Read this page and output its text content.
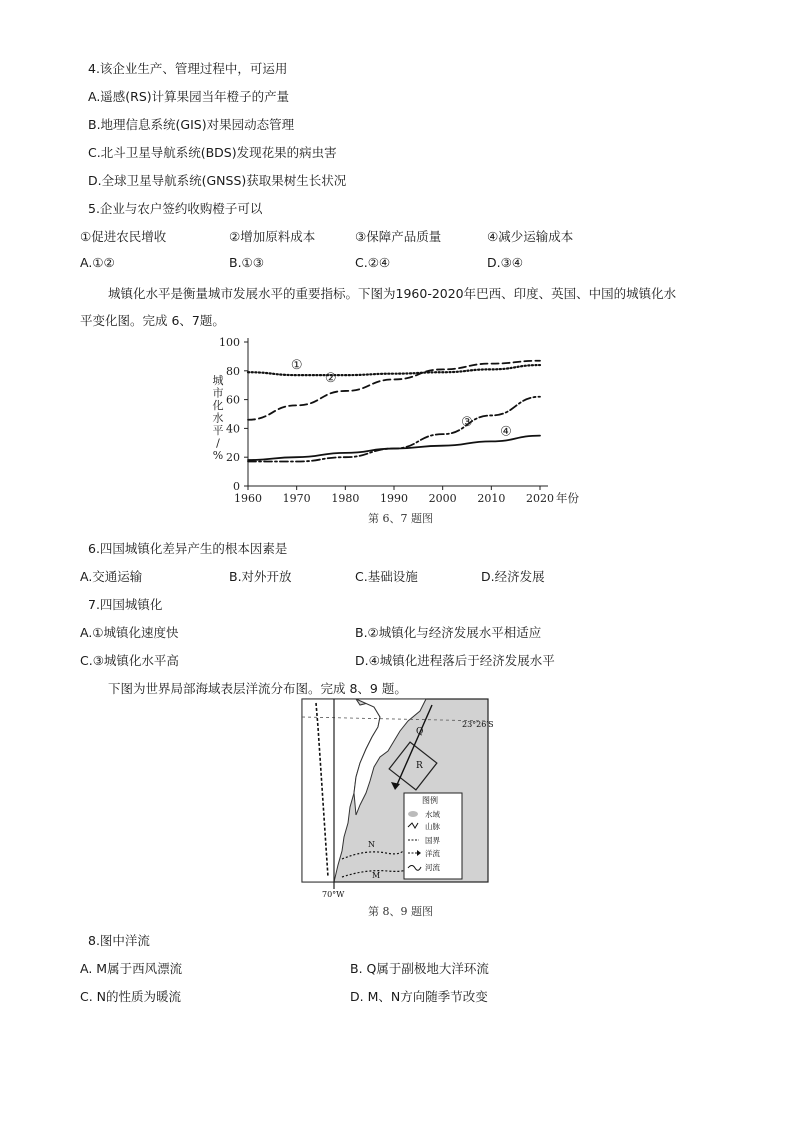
4.该企业生产、管理过程中，可运用
A.遥感(RS)计算果园当年橙子的产量
B.地理信息系统(GIS)对果园动态管理
C.北斗卫星导航系统(BDS)发现花果的病虫害
D.全球卫星导航系统(GNSS)获取果树生长状况
5.企业与农户签约收购橙子可以
①促进农民增收	②增加原料成本	③保障产品质量	④减少运输成本
A.①②	B.①③	C.②④	D.③④
城镇化水平是衡量城市发展水平的重要指标。下图为1960-2020年巴西、印度、英国、中国的城镇化水
平变化图。完成 6、7题。
0
20
40
60
80
100
1960 1970 1980 1990 2000 2010 2020 年份
城
市
化
水
平
/
%
①
②
③
④
第 6、7 题图
6.四国城镇化差异产生的根本因素是
A.交通运输	B.对外开放	C.基础设施	D.经济发展
7.四国城镇化
A.①城镇化速度快	B.②城镇化与经济发展水平相适应
C.③城镇化水平高	D.④城镇化进程落后于经济发展水平
下图为世界局部海域表层洋流分布图。完成 8、9 题。
23°26′S
70°W
Q
R
N
M
图例
水域
山脉
国界
洋流
河流
第 8、9 题图
8.图中洋流
A. M属于西风漂流	B. Q属于副极地大洋环流
C. N的性质为暖流	D. M、N方向随季节改变
